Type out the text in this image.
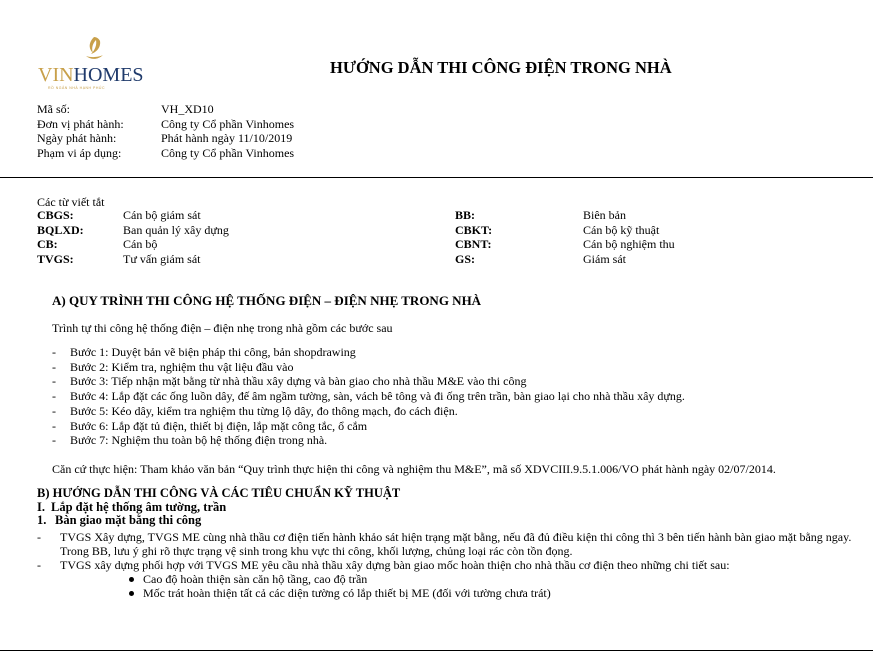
VINHOMES
RỒ NGÂN NHÀ HẠNH PHÚC
HƯỚNG DẪN THI CÔNG ĐIỆN TRONG NHÀ
Mã số:	VH_XD10
Đơn vị phát hành:	Công ty Cổ phần Vinhomes
Ngày phát hành:	Phát hành ngày 11/10/2019
Phạm vi áp dụng:	Công ty Cổ phần Vinhomes
Các từ viết tắt
CBGS:	Cán bộ giám sát	BB:	Biên bản
BQLXD:	Ban quản lý xây dựng	CBKT:	Cán bộ kỹ thuật
CB:	Cán bộ	CBNT:	Cán bộ nghiệm thu
TVGS:	Tư vấn giám sát	GS:	Giám sát
A) QUY TRÌNH THI CÔNG HỆ THỐNG ĐIỆN – ĐIỆN NHẸ TRONG NHÀ
Trình tự thi công hệ thống điện – điện nhẹ trong nhà gồm các bước sau
- Bước 1: Duyệt bản vẽ biện pháp thi công, bản shopdrawing
- Bước 2: Kiểm tra, nghiệm thu vật liệu đầu vào
- Bước 3: Tiếp nhận mặt bằng từ nhà thầu xây dựng và bàn giao cho nhà thầu M&E vào thi công
- Bước 4: Lắp đặt các ống luồn dây, đế âm ngầm tường, sàn, vách bê tông và đi ống trên trần, bàn giao lại cho nhà thầu xây dựng.
- Bước 5: Kéo dây, kiểm tra nghiệm thu từng lộ dây, đo thông mạch, đo cách điện.
- Bước 6: Lắp đặt tủ điện, thiết bị điện, lắp mặt công tắc, ổ cắm
- Bước 7: Nghiệm thu toàn bộ hệ thống điện trong nhà.
Căn cứ thực hiện: Tham khảo văn bản “Quy trình thực hiện thi công và nghiệm thu M&E”, mã số XDVCIII.9.5.1.006/VO phát hành ngày 02/07/2014.
B) HƯỚNG DẪN THI CÔNG VÀ CÁC TIÊU CHUẨN KỸ THUẬT
I. Lắp đặt hệ thống âm tường, trần
1. Bàn giao mặt bằng thi công
- TVGS Xây dựng, TVGS ME cùng nhà thầu cơ điện tiến hành khảo sát hiện trạng mặt bằng, nếu đã đủ điều kiện thi công thì 3 bên tiến hành bàn giao mặt bằng ngay. Trong BB, lưu ý ghi rõ thực trạng vệ sinh trong khu vực thi công, khối lượng, chủng loại rác còn tồn đọng.
- TVGS xây dựng phối hợp với TVGS ME yêu cầu nhà thầu xây dựng bàn giao mốc hoàn thiện cho nhà thầu cơ điện theo những chi tiết sau:
Cao độ hoàn thiện sàn căn hộ tầng, cao độ trần
Mốc trát hoàn thiện tất cả các diện tường có lắp thiết bị ME (đối với tường chưa trát)
